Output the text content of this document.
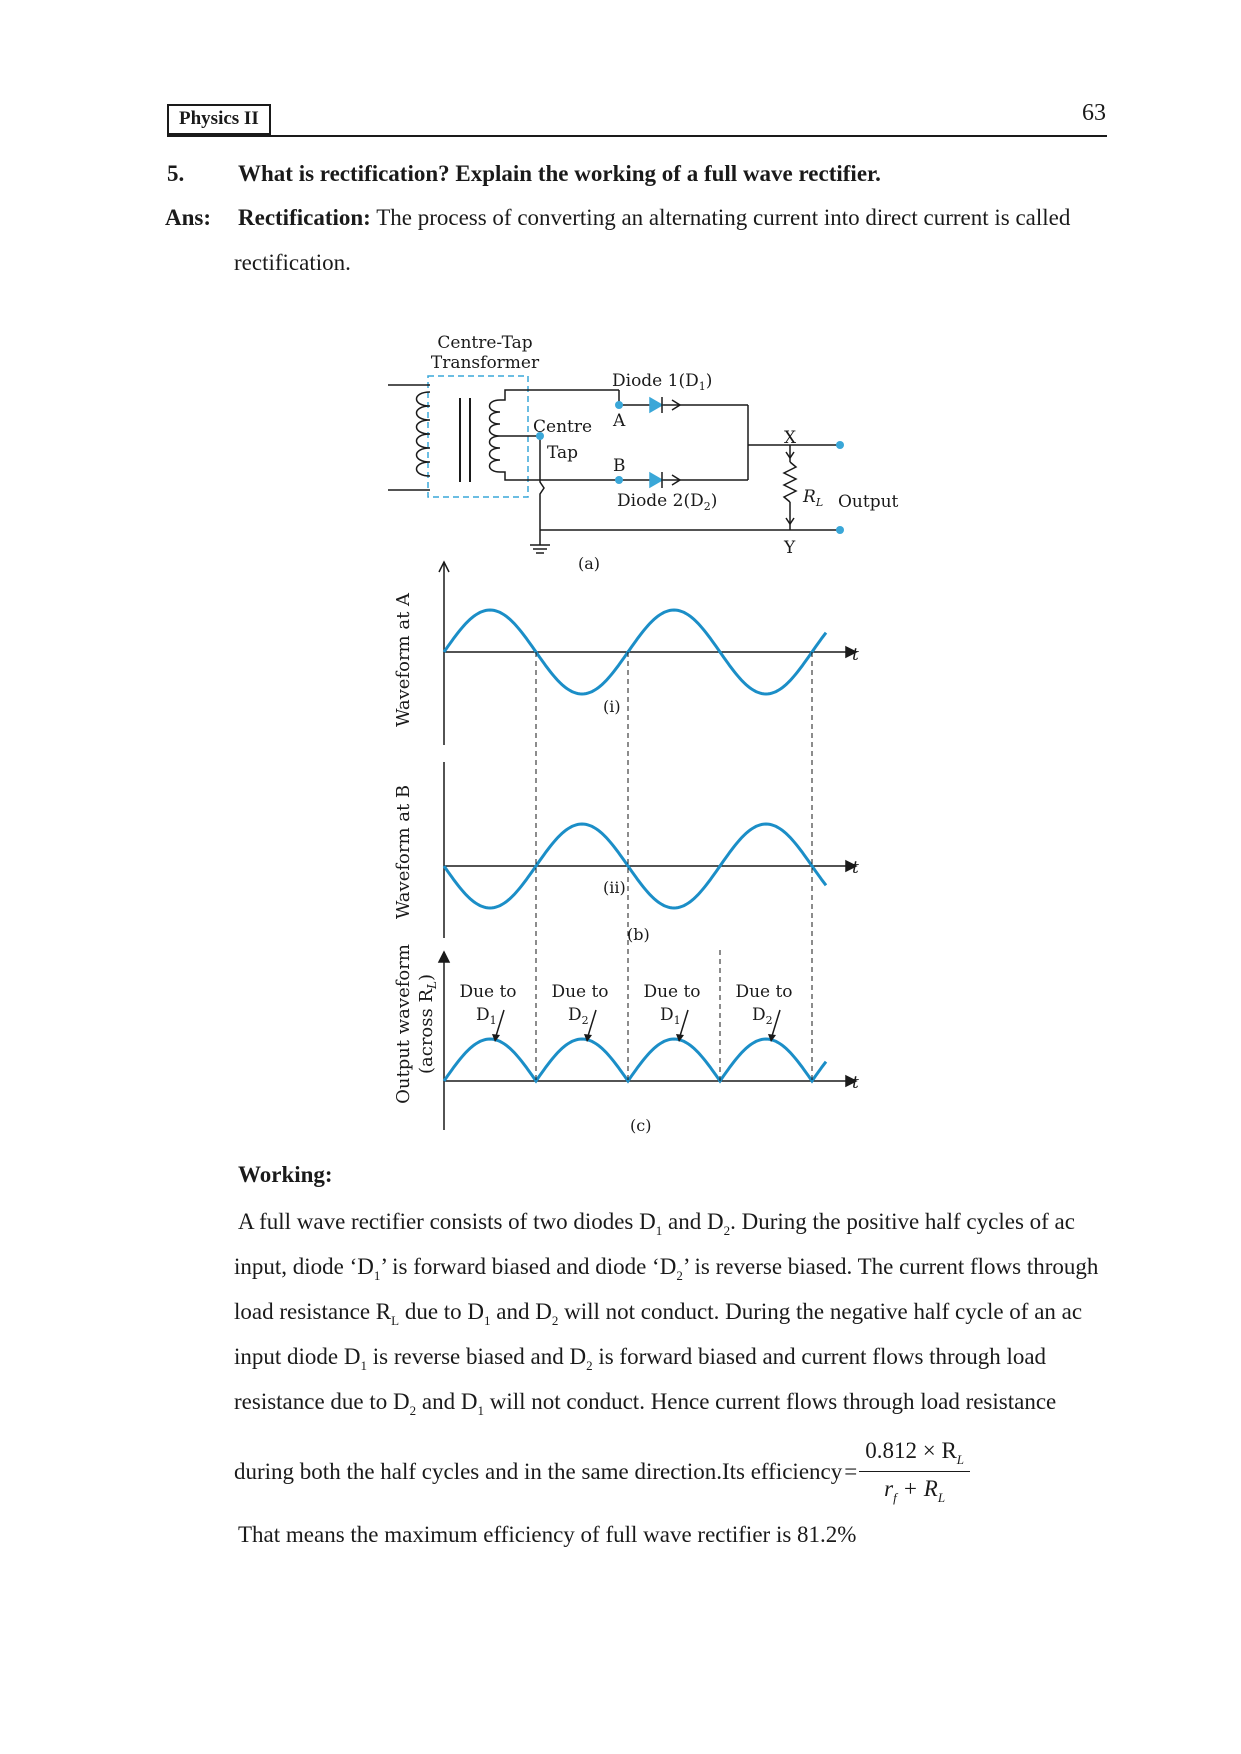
Physics II	63
5. What is rectification? Explain the working of a full wave rectifier.
Ans: Rectification: The process of converting an alternating current into direct current is called
rectification.
Centre-Tap
Transformer
Centre
Tap
A
B
Diode $1(D_1)$
Diode $2(D_2)$
X
Y
$R_L$ Output
(a)
t
(i)
Waveform at A
t
(ii)
(b)
Waveform at B
t
(c)
Output waveform (across $R_L$)
Due to
$D_1$
Due to
$D_2$
Due to
$D_1$
Due to
$D_2$
Working:
A full wave rectifier consists of two diodes $D_1$ and $D_2$. During the positive half cycles of ac
input, diode ‘$D_1$’ is forward biased and diode ‘$D_2$’ is reverse biased. The current flows through
load resistance $R_L$ due to $D_1$ and $D_2$ will not conduct. During the negative half cycle of an ac
input diode $D_1$ is reverse biased and $D_2$ is forward biased and current flows through load
resistance due to $D_2$ and $D_1$ will not conduct. Hence current flows through load resistance
during both the half cycles and in the same direction.Its efficiency = $\frac{0.812 \times R_L}{r_f + R_L}$
That means the maximum efficiency of full wave rectifier is 81.2%
